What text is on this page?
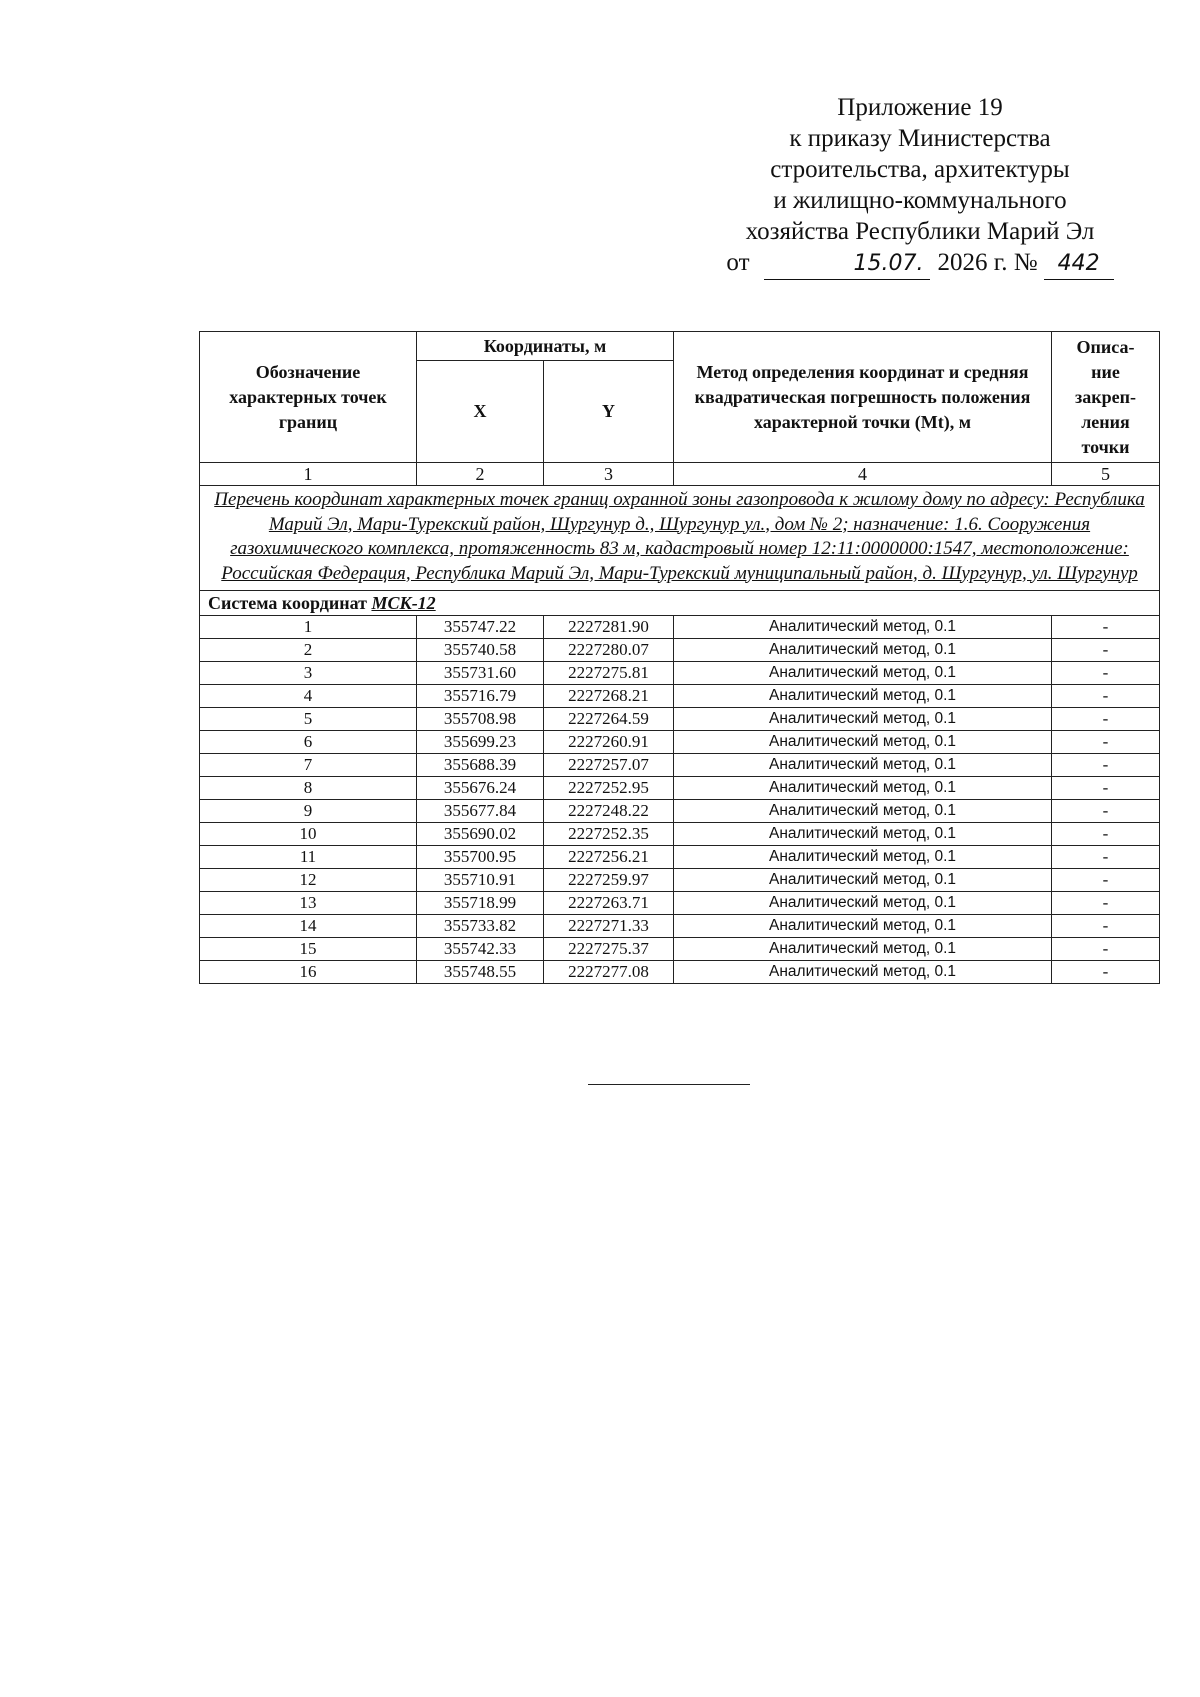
Приложение 19
к приказу Министерства
строительства, архитектуры
и жилищно-коммунального
хозяйства Республики Марий Эл
от	15.07. 2026 г. № 442
Перечень координат характерных точек границ охранной зоны газопровода к жилому дому по адресу: Республика Марий Эл, Мари-Турекский район, Шургунур д., Шургунур ул., дом № 2; назначение: 1.6. Сооружения газохимического комплекса, протяженность 83 м, кадастровый номер 12:11:0000000:1547, местоположение: Российская Федерация, Республика Марий Эл, Мари-Турекский муниципальный район, д. Шургунур, ул. Шургунур				
Система координат МСК-12				
Обозначение характерных точек границ	Координаты, м		Метод определения координат и средняя квадратическая погрешность положения характерной точки (Mt), м	Описа-ние закреп-ления точки
	X	Y		
1	2	3	4	5
1	355747.22	2227281.90	Аналитический метод, 0.1	-
2	355740.58	2227280.07	Аналитический метод, 0.1	-
3	355731.60	2227275.81	Аналитический метод, 0.1	-
4	355716.79	2227268.21	Аналитический метод, 0.1	-
5	355708.98	2227264.59	Аналитический метод, 0.1	-
6	355699.23	2227260.91	Аналитический метод, 0.1	-
7	355688.39	2227257.07	Аналитический метод, 0.1	-
8	355676.24	2227252.95	Аналитический метод, 0.1	-
9	355677.84	2227248.22	Аналитический метод, 0.1	-
10	355690.02	2227252.35	Аналитический метод, 0.1	-
11	355700.95	2227256.21	Аналитический метод, 0.1	-
12	355710.91	2227259.97	Аналитический метод, 0.1	-
13	355718.99	2227263.71	Аналитический метод, 0.1	-
14	355733.82	2227271.33	Аналитический метод, 0.1	-
15	355742.33	2227275.37	Аналитический метод, 0.1	-
16	355748.55	2227277.08	Аналитический метод, 0.1	-
